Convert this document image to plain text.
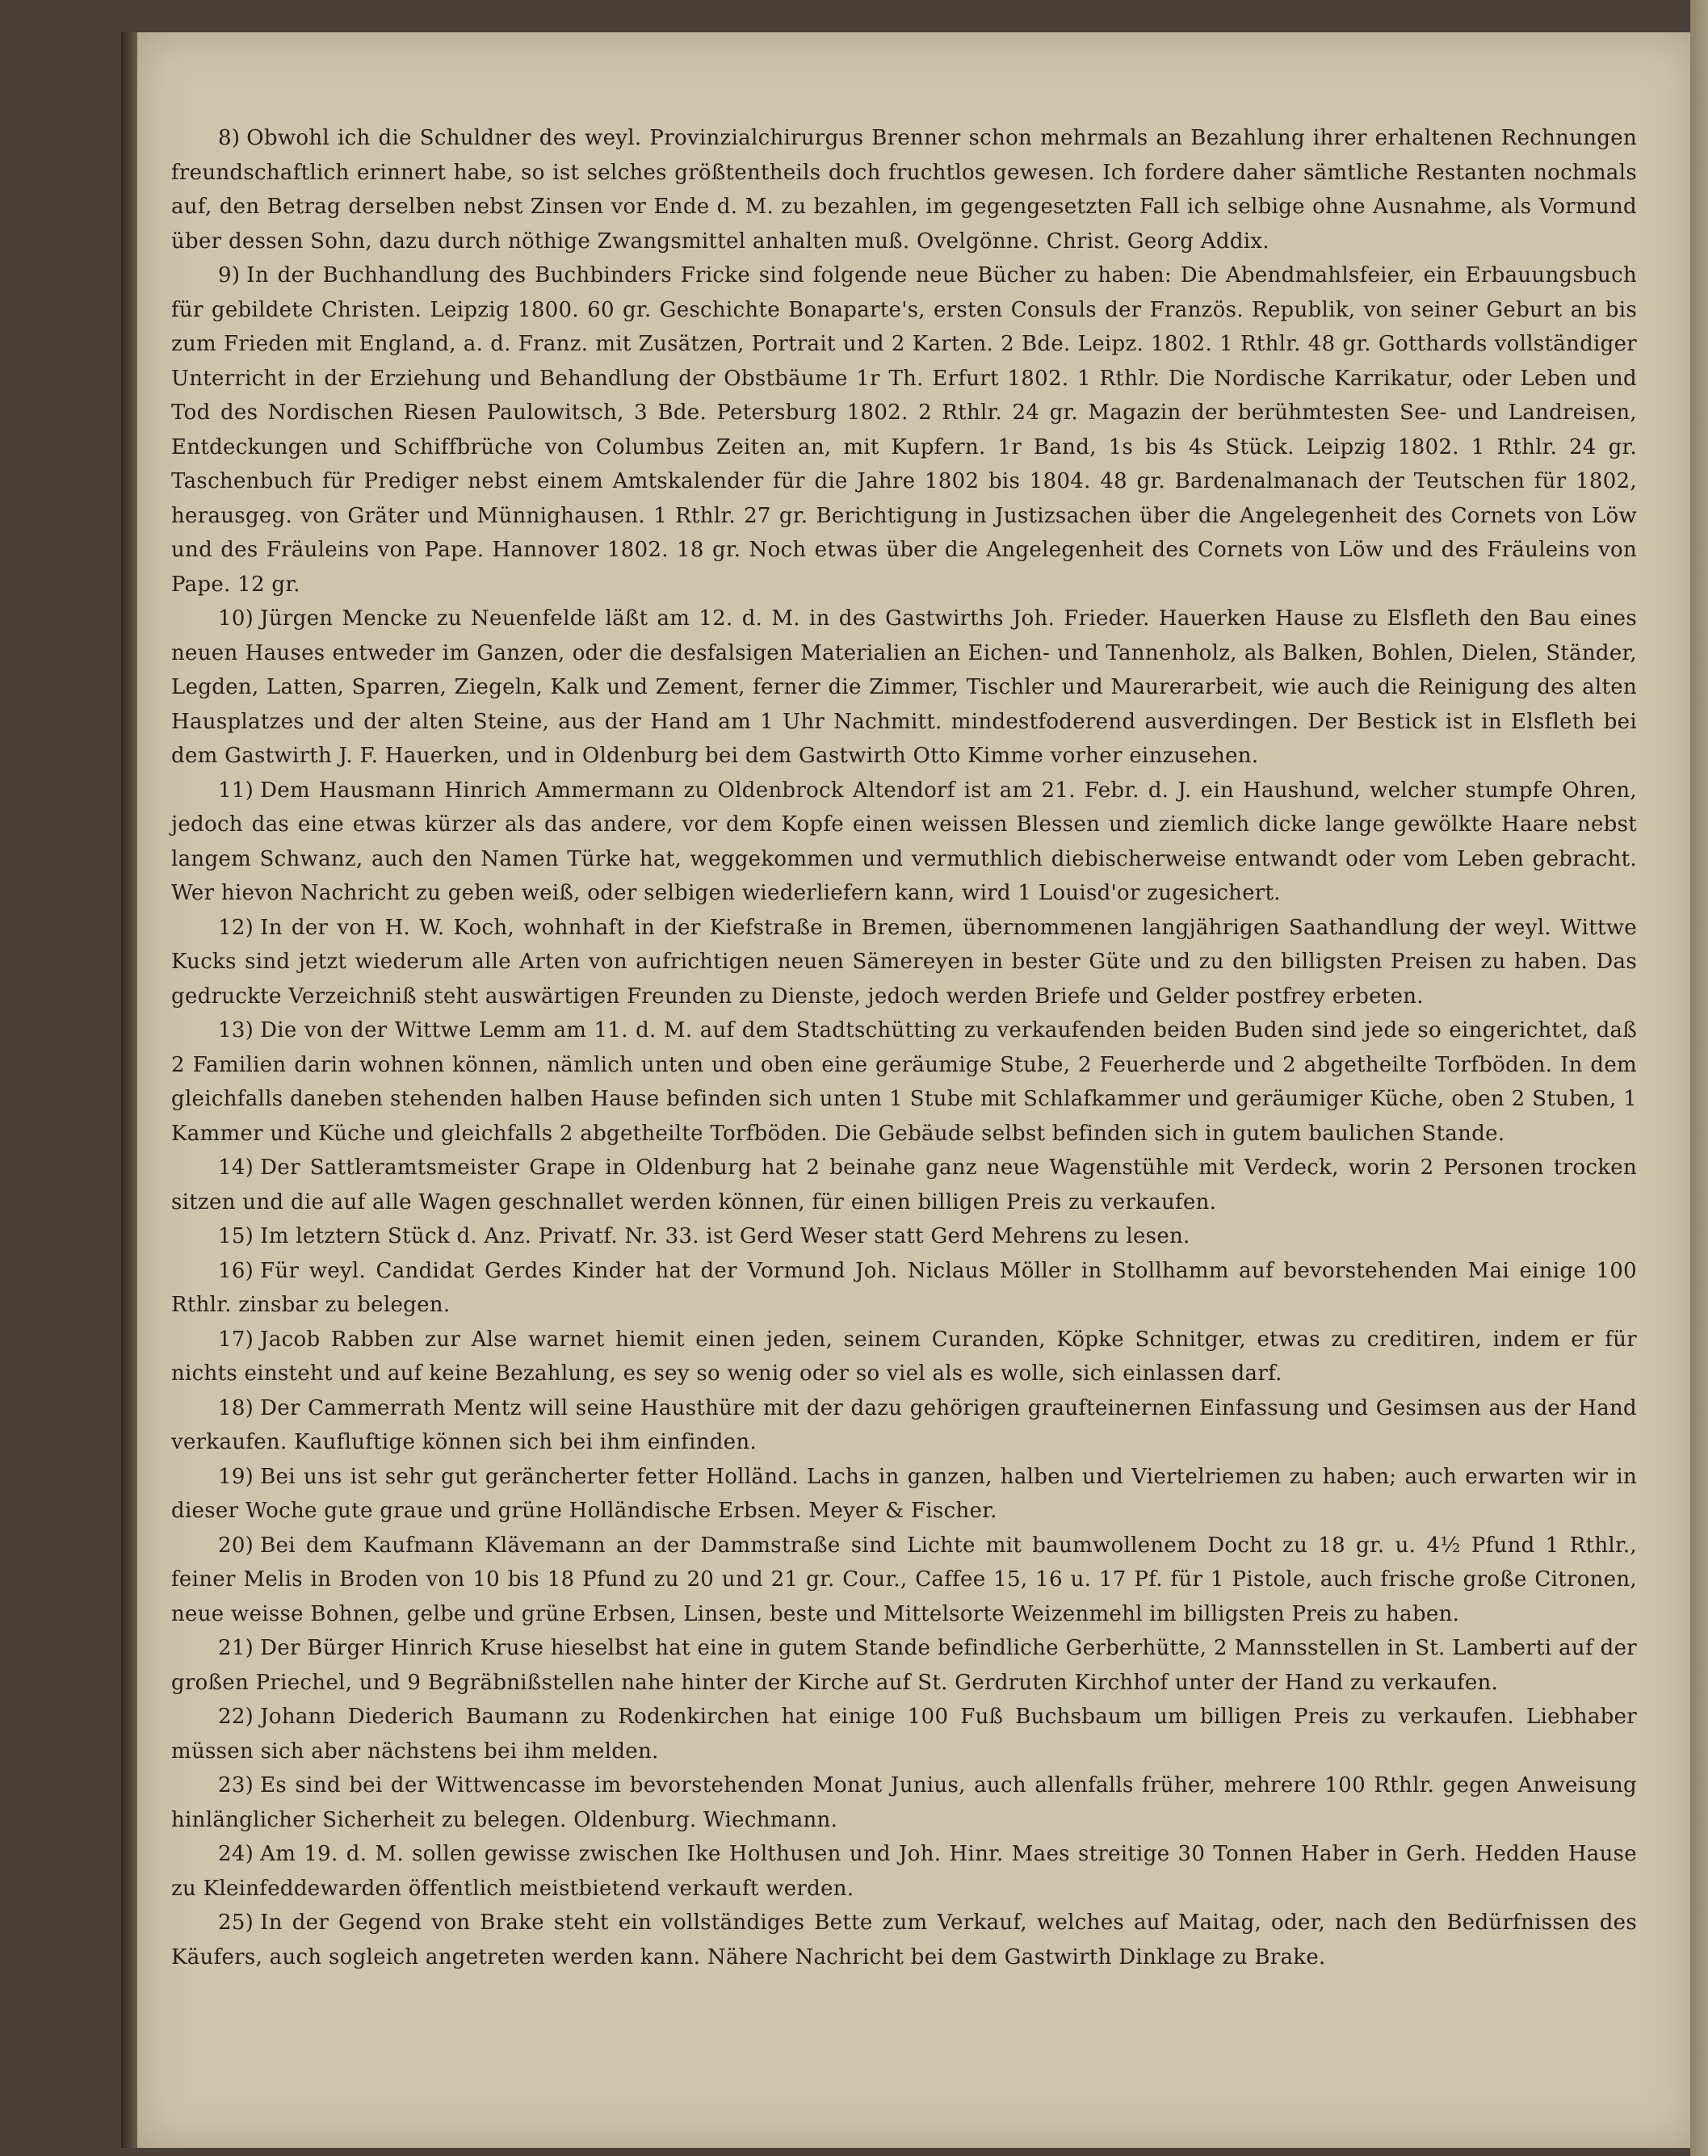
8) Obwohl ich die Schuldner des weyl. Provinzialchirurgus Brenner schon mehrmals an Bezahlung ihrer erhaltenen Rechnungen freundschaftlich erinnert habe, so ist selches größtentheils doch fruchtlos gewesen. Ich fordere daher sämtliche Restanten nochmals auf, den Betrag derselben nebst Zinsen vor Ende d. M. zu bezahlen, im gegengesetzten Fall ich selbige ohne Ausnahme, als Vormund über dessen Sohn, dazu durch nöthige Zwangsmittel anhalten muß. Ovelgönne. Christ. Georg Addix.

9) In der Buchhandlung des Buchbinders Fricke sind folgende neue Bücher zu haben: Die Abendmahlsfeier, ein Erbauungsbuch für gebildete Christen. Leipzig 1800. 60 gr. Geschichte Bonaparte's, ersten Consuls der Französ. Republik, von seiner Geburt an bis zum Frieden mit England, a. d. Franz. mit Zusätzen, Portrait und 2 Karten. 2 Bde. Leipz. 1802. 1 Rthlr. 48 gr. Gotthards vollständiger Unterricht in der Erziehung und Behandlung der Obstbäume 1r Th. Erfurt 1802. 1 Rthlr. Die Nordische Karrikatur, oder Leben und Tod des Nordischen Riesen Paulowitsch, 3 Bde. Petersburg 1802. 2 Rthlr. 24 gr. Magazin der berühmtesten See- und Landreisen, Entdeckungen und Schiffbrüche von Columbus Zeiten an, mit Kupfern. 1r Band, 1s bis 4s Stück. Leipzig 1802. 1 Rthlr. 24 gr. Taschenbuch für Prediger nebst einem Amtskalender für die Jahre 1802 bis 1804. 48 gr. Bardenalmanach der Teutschen für 1802, herausgeg. von Gräter und Münnighausen. 1 Rthlr. 27 gr. Berichtigung in Justizsachen über die Angelegenheit des Cornets von Löw und des Fräuleins von Pape. Hannover 1802. 18 gr. Noch etwas über die Angelegenheit des Cornets von Löw und des Fräuleins von Pape. 12 gr.

10) Jürgen Mencke zu Neuenfelde läßt am 12. d. M. in des Gastwirths Joh. Frieder. Hauerken Hause zu Elsfleth den Bau eines neuen Hauses entweder im Ganzen, oder die desfalsigen Materialien an Eichen- und Tannenholz, als Balken, Bohlen, Dielen, Ständer, Legden, Latten, Sparren, Ziegeln, Kalk und Zement, ferner die Zimmer, Tischler und Maurerarbeit, wie auch die Reinigung des alten Hausplatzes und der alten Steine, aus der Hand am 1 Uhr Nachmitt. mindestfoderend ausverdingen. Der Bestick ist in Elsfleth bei dem Gastwirth J. F. Hauerken, und in Oldenburg bei dem Gastwirth Otto Kimme vorher einzusehen.

11) Dem Hausmann Hinrich Ammermann zu Oldenbrock Altendorf ist am 21. Febr. d. J. ein Haushund, welcher stumpfe Ohren, jedoch das eine etwas kürzer als das andere, vor dem Kopfe einen weissen Blessen und ziemlich dicke lange gewölkte Haare nebst langem Schwanz, auch den Namen Türke hat, weggekommen und vermuthlich diebischerweise entwandt oder vom Leben gebracht. Wer hievon Nachricht zu geben weiß, oder selbigen wiederliefern kann, wird 1 Louisd'or zugesichert.

12) In der von H. W. Koch, wohnhaft in der Kiefstraße in Bremen, übernommenen langjährigen Saathandlung der weyl. Wittwe Kucks sind jetzt wiederum alle Arten von aufrichtigen neuen Sämereyen in bester Güte und zu den billigsten Preisen zu haben. Das gedruckte Verzeichniß steht auswärtigen Freunden zu Dienste, jedoch werden Briefe und Gelder postfrey erbeten.

13) Die von der Wittwe Lemm am 11. d. M. auf dem Stadtschütting zu verkaufenden beiden Buden sind jede so eingerichtet, daß 2 Familien darin wohnen können, nämlich unten und oben eine geräumige Stube, 2 Feuerherde und 2 abgetheilte Torfböden. In dem gleichfalls daneben stehenden halben Hause befinden sich unten 1 Stube mit Schlafkammer und geräumiger Küche, oben 2 Stuben, 1 Kammer und Küche und gleichfalls 2 abgetheilte Torfböden. Die Gebäude selbst befinden sich in gutem baulichen Stande.

14) Der Sattleramtsmeister Grape in Oldenburg hat 2 beinahe ganz neue Wagenstühle mit Verdeck, worin 2 Personen trocken sitzen und die auf alle Wagen geschnallet werden können, für einen billigen Preis zu verkaufen.

15) Im letztern Stück d. Anz. Privatf. Nr. 33. ist Gerd Weser statt Gerd Mehrens zu lesen.

16) Für weyl. Candidat Gerdes Kinder hat der Vormund Joh. Niclaus Möller in Stollhamm auf bevorstehenden Mai einige 100 Rthlr. zinsbar zu belegen.

17) Jacob Rabben zur Alse warnet hiemit einen jeden, seinem Curanden, Köpke Schnitger, etwas zu creditiren, indem er für nichts einsteht und auf keine Bezahlung, es sey so wenig oder so viel als es wolle, sich einlassen darf.

18) Der Cammerrath Mentz will seine Hausthüre mit der dazu gehörigen graufteinernen Einfassung und Gesimsen aus der Hand verkaufen. Kaufluftige können sich bei ihm einfinden.

19) Bei uns ist sehr gut geräncherter fetter Holländ. Lachs in ganzen, halben und Viertelriemen zu haben; auch erwarten wir in dieser Woche gute graue und grüne Holländische Erbsen. Meyer & Fischer.

20) Bei dem Kaufmann Klävemann an der Dammstraße sind Lichte mit baumwollenem Docht zu 18 gr. u. 4½ Pfund 1 Rthlr., feiner Melis in Broden von 10 bis 18 Pfund zu 20 und 21 gr. Cour., Caffee 15, 16 u. 17 Pf. für 1 Pistole, auch frische große Citronen, neue weisse Bohnen, gelbe und grüne Erbsen, Linsen, beste und Mittelsorte Weizenmehl im billigsten Preis zu haben.

21) Der Bürger Hinrich Kruse hieselbst hat eine in gutem Stande befindliche Gerberhütte, 2 Mannsstellen in St. Lamberti auf der großen Priechel, und 9 Begräbnißstellen nahe hinter der Kirche auf St. Gerdruten Kirchhof unter der Hand zu verkaufen.

22) Johann Diederich Baumann zu Rodenkirchen hat einige 100 Fuß Buchsbaum um billigen Preis zu verkaufen. Liebhaber müssen sich aber nächstens bei ihm melden.

23) Es sind bei der Wittwencasse im bevorstehenden Monat Junius, auch allenfalls früher, mehrere 100 Rthlr. gegen Anweisung hinlänglicher Sicherheit zu belegen. Oldenburg. Wiechmann.

24) Am 19. d. M. sollen gewisse zwischen Ike Holthusen und Joh. Hinr. Maes streitige 30 Tonnen Haber in Gerh. Hedden Hause zu Kleinfeddewarden öffentlich meistbietend verkauft werden.

25) In der Gegend von Brake steht ein vollständiges Bette zum Verkauf, welches auf Maitag, oder, nach den Bedürfnissen des Käufers, auch sogleich angetreten werden kann. Nähere Nachricht bei dem Gastwirth Dinklage zu Brake.
